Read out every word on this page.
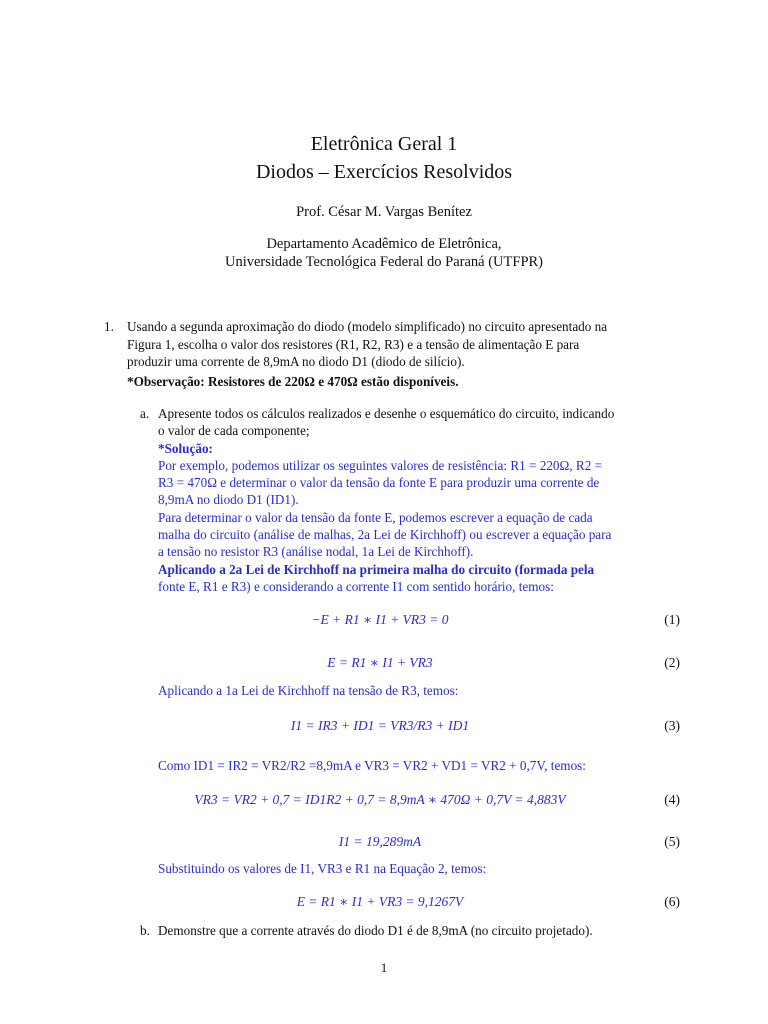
Eletrônica Geral 1
Diodos – Exercícios Resolvidos
Prof. César M. Vargas Benítez
Departamento Acadêmico de Eletrônica,
Universidade Tecnológica Federal do Paraná (UTFPR)
1. Usando a segunda aproximação do diodo (modelo simplificado) no circuito apresentado na
Figura 1, escolha o valor dos resistores (R1, R2, R3) e a tensão de alimentação E para
produzir uma corrente de 8,9mA no diodo D1 (diodo de silício).
*Observação: Resistores de 220Ω e 470Ω estão disponíveis.
a. Apresente todos os cálculos realizados e desenhe o esquemático do circuito, indicando
o valor de cada componente;
*Solução:
Por exemplo, podemos utilizar os seguintes valores de resistência: R1 = 220Ω, R2 =
R3 = 470Ω e determinar o valor da tensão da fonte E para produzir uma corrente de
8,9mA no diodo D1 (ID1).
Para determinar o valor da tensão da fonte E, podemos escrever a equação de cada
malha do circuito (análise de malhas, 2a Lei de Kirchhoff) ou escrever a equação para
a tensão no resistor R3 (análise nodal, 1a Lei de Kirchhoff).
Aplicando a 2a Lei de Kirchhoff na primeira malha do circuito (formada pela
fonte E, R1 e R3) e considerando a corrente I1 com sentido horário, temos:
−E + R1 ∗ I1 + VR3 = 0	(1)
E = R1 ∗ I1 + VR3	(2)
Aplicando a 1a Lei de Kirchhoff na tensão de R3, temos:
I1 = IR3 + ID1 = VR3/R3 + ID1	(3)
Como ID1 = IR2 = VR2/R2 =8,9mA e VR3 = VR2 + VD1 = VR2 + 0,7V, temos:
VR3 = VR2 + 0,7 = ID1R2 + 0,7 = 8,9mA ∗ 470Ω + 0,7V = 4,883V	(4)
I1 = 19,289mA	(5)
Substituindo os valores de I1, VR3 e R1 na Equação 2, temos:
E = R1 ∗ I1 + VR3 = 9,1267V	(6)
b. Demonstre que a corrente através do diodo D1 é de 8,9mA (no circuito projetado).
1
